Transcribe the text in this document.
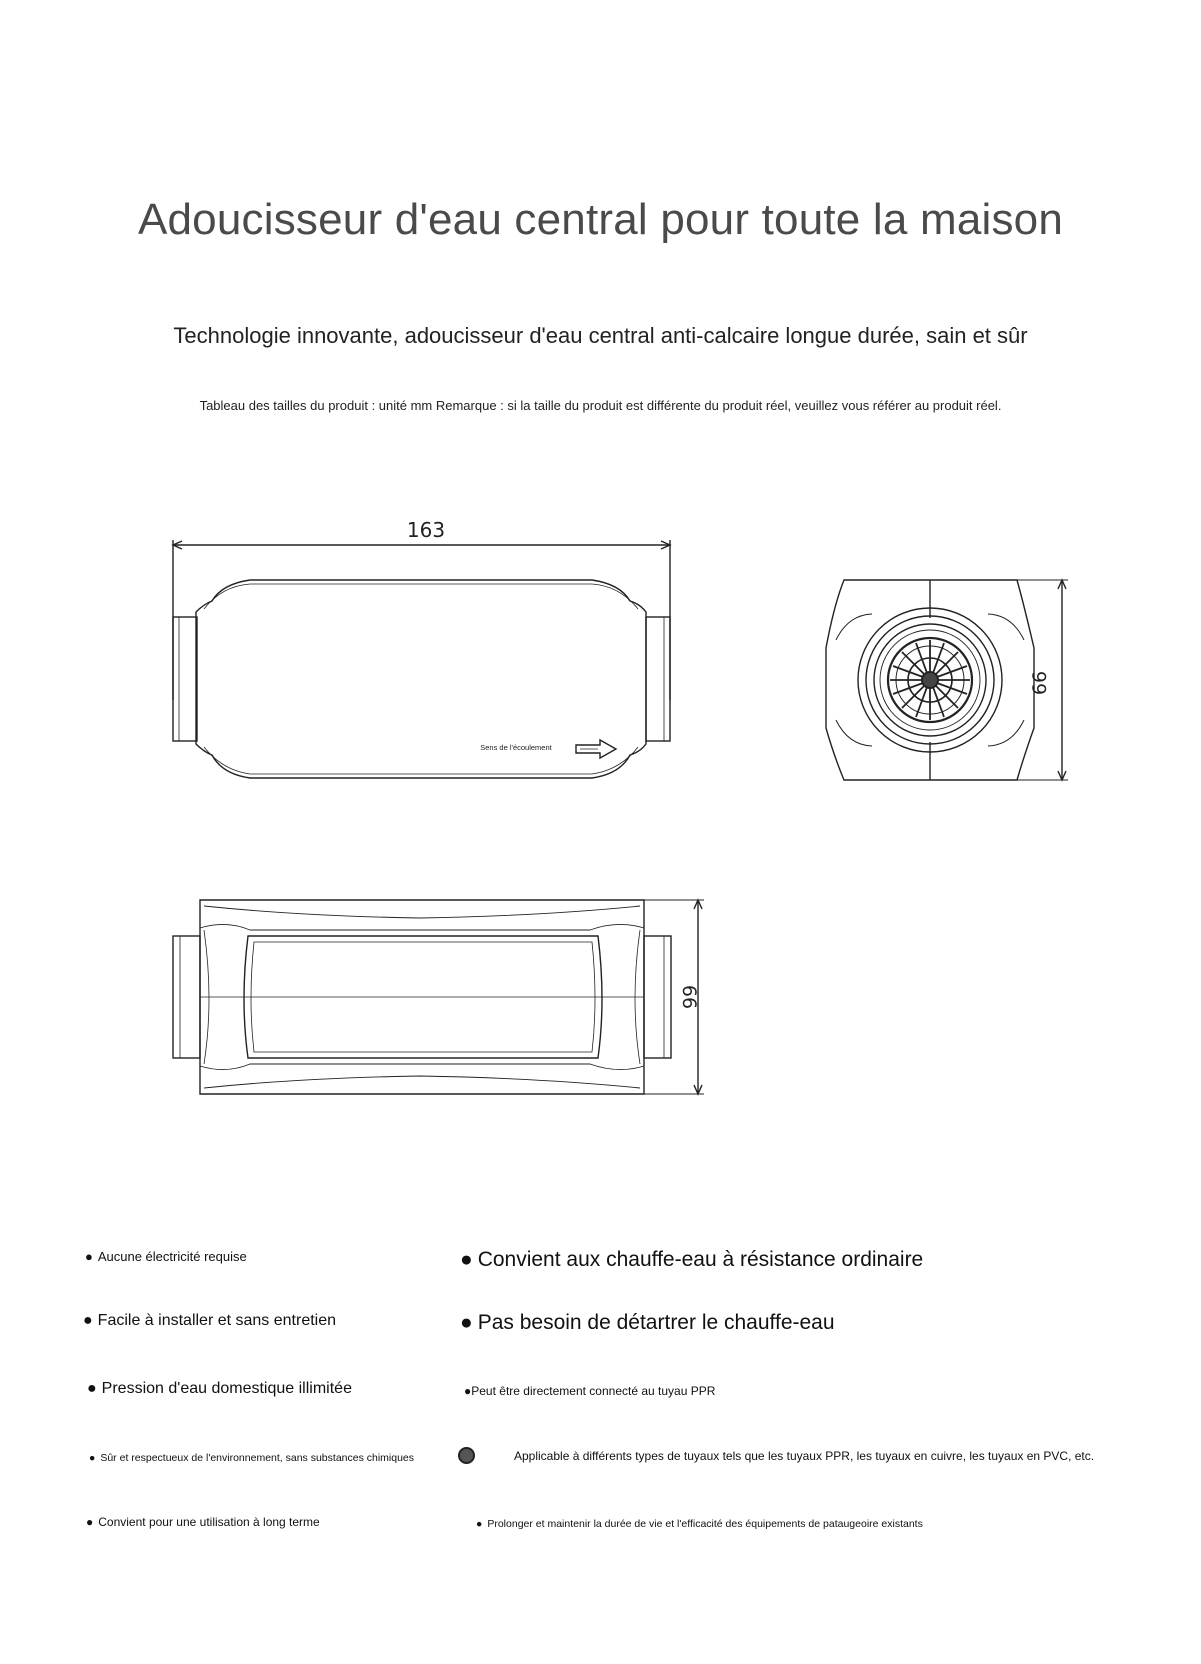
Adoucisseur d'eau central pour toute la maison
Technologie innovante, adoucisseur d'eau central anti-calcaire longue durée, sain et sûr
Tableau des tailles du produit : unité mm Remarque : si la taille du produit est différente du produit réel, veuillez vous référer au produit réel.
163
Sens de l'écoulement
66
66
● Aucune électricité requise
● Facile à installer et sans entretien
● Pression d'eau domestique illimitée
● Sûr et respectueux de l'environnement, sans substances chimiques
● Convient pour une utilisation à long terme
● Convient aux chauffe-eau à résistance ordinaire
● Pas besoin de détartrer le chauffe-eau
●Peut être directement connecté au tuyau PPR
Applicable à différents types de tuyaux tels que les tuyaux PPR, les tuyaux en cuivre, les tuyaux en PVC, etc.
● Prolonger et maintenir la durée de vie et l'efficacité des équipements de pataugeoire existants
